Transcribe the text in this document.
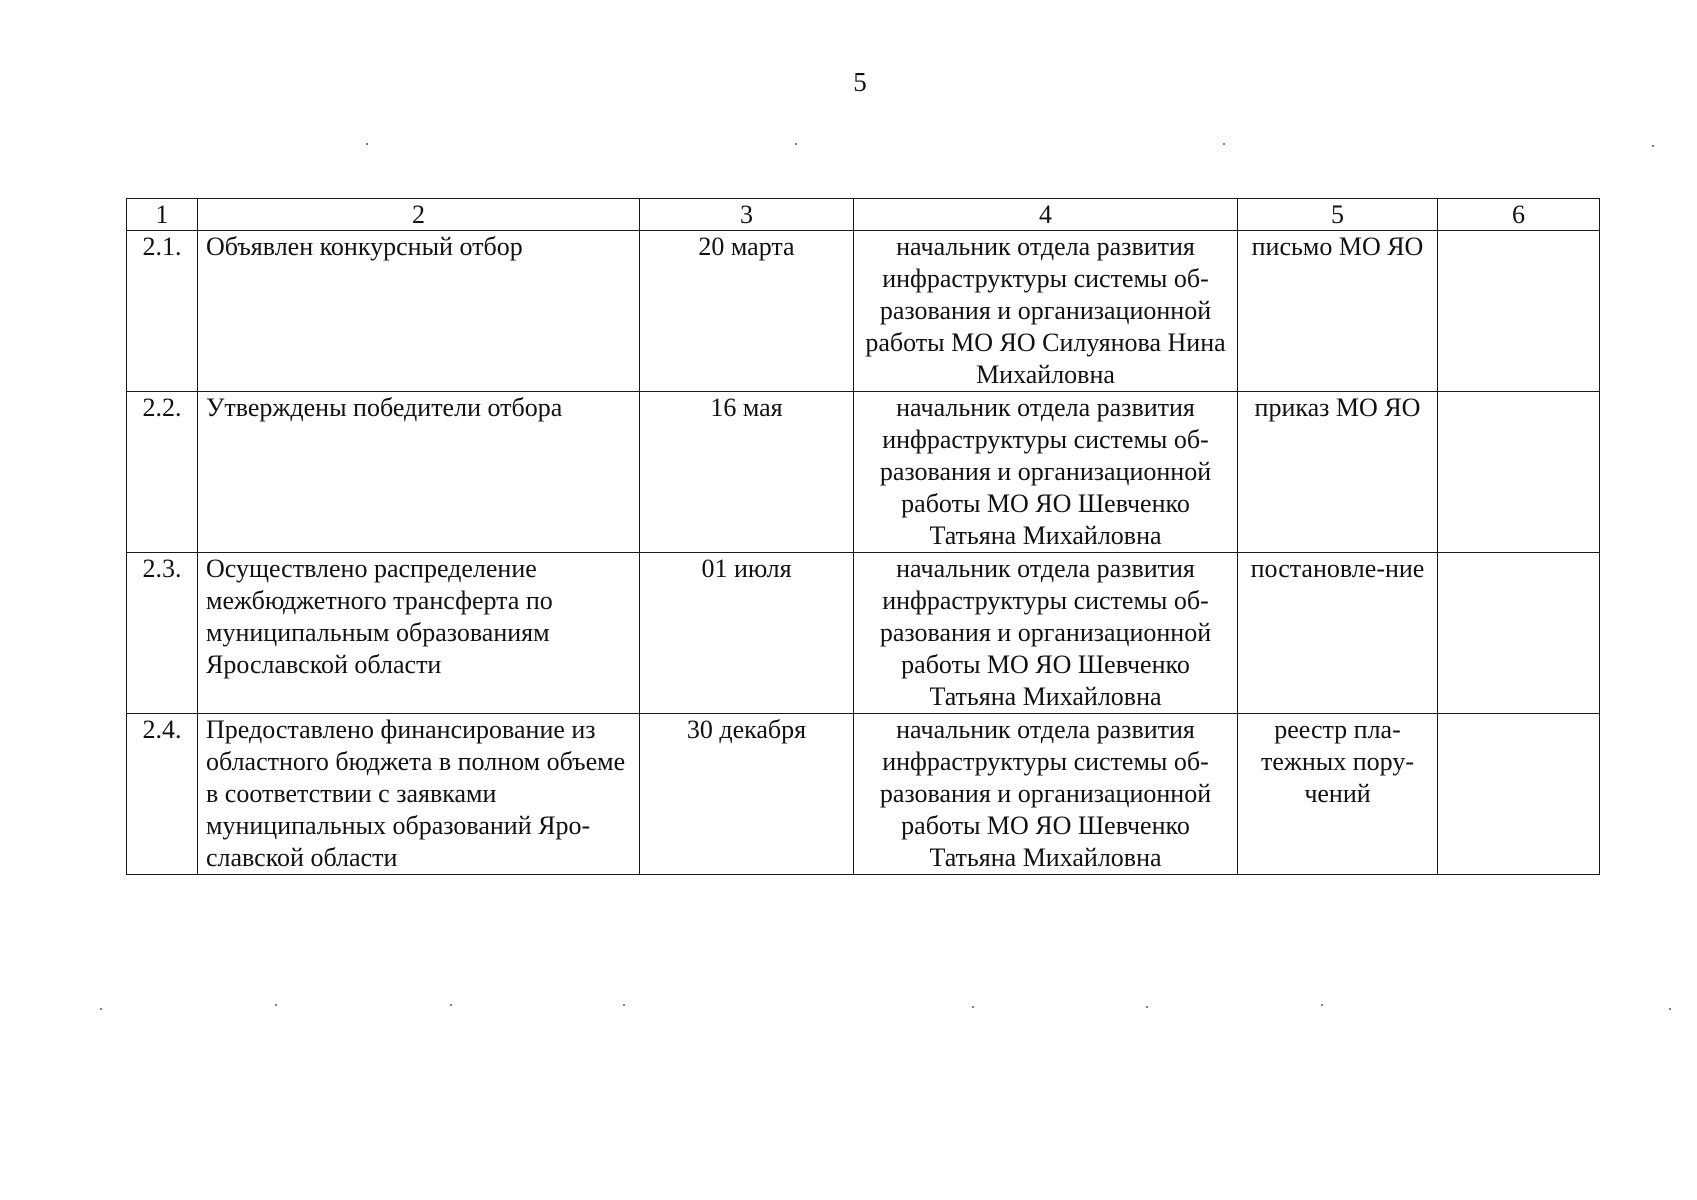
5
1	2	3	4	5	6
2.1.	Объявлен конкурсный отбор	20 марта	начальник отдела развития инфраструктуры системы об-разования и организационной работы МО ЯО Силуянова Нина Михайловна	письмо МО ЯО	
2.2.	Утверждены победители отбора	16 мая	начальник отдела развития инфраструктуры системы об-разования и организационной работы МО ЯО Шевченко Татьяна Михайловна	приказ МО ЯО	
2.3.	Осуществлено распределение межбюджетного трансферта по муниципальным образованиям Ярославской области	01 июля	начальник отдела развития инфраструктуры системы об-разования и организационной работы МО ЯО Шевченко Татьяна Михайловна	постановле-ние	
2.4.	Предоставлено финансирование из областного бюджета в полном объеме в соответствии с заявками муниципальных образований Яро-славской области	30 декабря	начальник отдела развития инфраструктуры системы об-разования и организационной работы МО ЯО Шевченко Татьяна Михайловна	реестр пла-тежных пору-чений	
